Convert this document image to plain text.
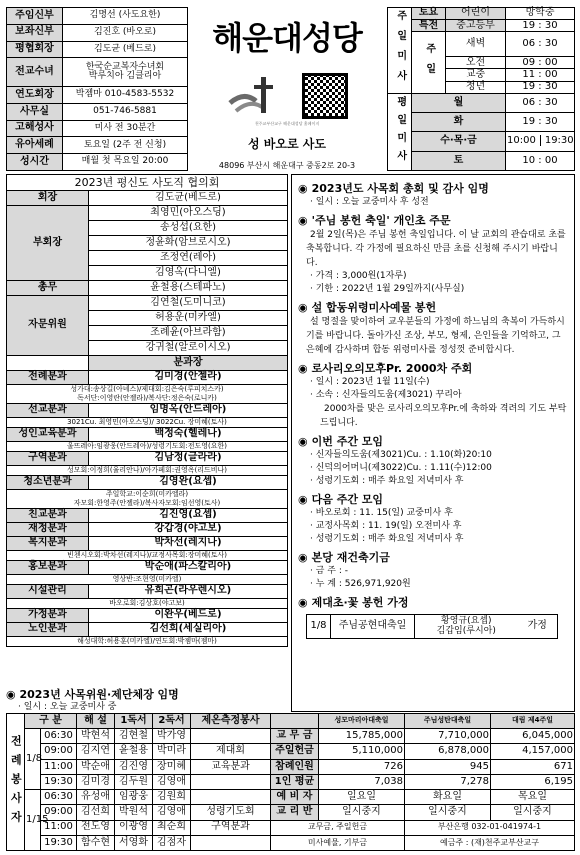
주임신부	김명선 (사도요한)
보좌신부	김진호 (바오로)
평협회장	김도균 (베드로)
전교수녀	한국순교복자수녀회
박루치아 김클리아
연도회장	박젬마 010-4583-5532
사무실	051-746-5881
고해성사	미사 전 30분간
유아세례	토요일 (2주 전 신청)
성시간	매월 첫 목요일 20:00
해운대성당
천주교부산교구 해운대성당 홈페이지
성 바오로 사도
48096 부산시 해운대구 중동2로 20-3
주일미사	토요	어린이	방학중
	특전	중고등부	19 : 30
	주일	새벽	06 : 30
		오전	09 : 00
		교중	11 : 00
		청년	19 : 30
평일미사	월		06 : 30
	화		19 : 30
	수·목·금		10:00 19:30
	토		10 : 00
2023년 평신도 사도직 협의회	
회장	김도균(베드로)
부회장	최영민(아오스딩)
	송성섭(요한)
	정윤화(암브로시오)
	조정연(레아)
	김영옥(다니엘)
총무	윤철용(스테파노)
자문위원	김연철(도미니코)
	허용운(미카엘)
	조례윤(아브라함)
	강귀철(알로이시오)
	분과장
전례분과	김미경(안젤라)
성가대:송상길(아녜스)/제대회:김은숙(루피치스카)
독서단:이영란(안젤라)/복사단:정은숙(로니카)	
선교분과	임명옥(안드레아)
3021Cu. 최영민(아오스딩)/ 3022Cu. 장미혜(토사)	
성인교육분과	백정숙(헬레나)
울뜨레아:임광웅(안드레아)/성령기도회:전도영(요한)	
구역분과	김남정(글라라)
성모회:이정희(율리안나)/아가페회:권영옥(리드비나)	
청소년분과	김영완(요셉)
주일학교:이순희(미카엘라)
자모회:한영주(안젤라)/복사자모회:임선영(토사)	
친교분과	김진영(요셉)
재정분과	강갑경(야고보)
복지분과	박차선(레지나)
빈첸시오회:박차선(레지나)/교정사목회:장미혜(토사)	
홍보분과	박순애(파스칼리아)
영상반:조현영(미카엘)	
시설관리	유희곤(라우렌시오)
바오로회:김상호(야고보)	
가정분과	이완우(베드로)
노인분과	김선희(세실리아)
해성대학:허용훈(미카엘)/연도회:박젬마(젬마)	
◉ 2023년 사목위원·제단체장 임명
· 일시 : 오늘 교중미사 중
◉ 2023년도 사목회 총회 및 감사 임명
· 일시 : 오늘 교중미사 후 성전
◉ '주님 봉헌 축일' 개인초 주문
2월 2일(목)은 주님 봉헌 축일입니다. 이 날 교회의 관습대로 초를 축복합니다. 각 가정에 필요하신 만큼 초를 신청해 주시기 바랍니다.
· 가격 : 3,000원(1자루)
· 기한 : 2022년 1월 29일까지(사무실)
◉ 설 합동위령미사예물 봉헌
설 명절을 맞이하여 교우분들의 가정에 하느님의 축복이 가득하시기를 바랍니다. 돌아가신 조상, 부모, 형제, 은인들을 기억하고, 그 은혜에 감사하며 합동 위령미사를 정성껏 준비합시다.
◉ 로사리오의모후Pr. 2000차 주회
· 일시 : 2023년 1월 11일(수)
· 소속 : 신자들의도움(제3021) 꾸리아
2000차를 맞은 로사리오의모후Pr.에 축하와 격려의 기도 부탁드립니다.
◉ 이번 주간 모임
· 신자들의도움(제3021)Cu. : 1.10(화)20:10
· 신덕의어머니(제3022)Cu. : 1.11(수)12:00
· 성령기도회 : 매주 화요일 저녁미사 후
◉ 다음 주간 모임
· 바오로회 : 11. 15(일) 교중미사 후
· 교정사목회 : 11. 19(일) 오전미사 후
· 성령기도회 : 매주 화요일 저녁미사 후
◉ 본당 재건축기금
· 금 주 : -
· 누 계 : 526,971,920원
◉ 제대초·꽃 봉헌 가정
1/8	주님공현대축일	황영규(요셉)
김갑임(루시아)	가정
전례봉사자	구 분		해 설	1독서	2독서	제온측정봉사		성모마리아대축일	주님성탄대축일	대림 제4주일
	1/8	06:30	박현석	김현철	박가영		교 무 금	15,785,000	7,710,000	6,045,000
		09:00	김지연	윤철용	박미라	제대회	주일헌금	5,110,000	6,878,000	4,157,000
		11:00	박순애	김진영	장미혜	교육분과	참례인원	726	945	671
		19:30	김미경	김두원	김영애		1인 평균	7,038	7,278	6,195
	1/15	06:30	유성애	임광웅	김원희		예 비 자	일요일	화요일	목요일
		09:00	김선희	박원석	김영애	성령기도회	교 리 반	일시중지	일시중지	일시중지
		11:00	전도영	이광영	최순희	구역분과	교무금, 주일헌금		부산은행 032-01-041974-1	
		19:30	함수현	서영화	김점자		미사예물, 기부금		예금주 : (재)천주교부산교구	
